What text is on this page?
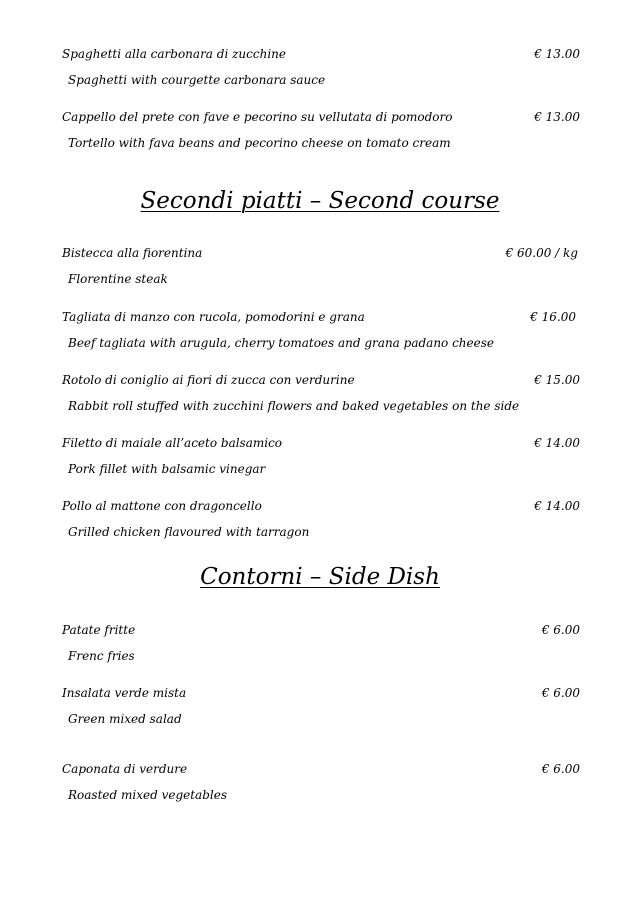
Spaghetti alla carbonara di zucchine
Spaghetti with courgette carbonara sauce
€ 13.00
Cappello del prete con fave e pecorino su vellutata di pomodoro
Tortello with fava beans and pecorino cheese on tomato cream
€ 13.00
Secondi piatti – Second course
Bistecca alla fiorentina
Florentine steak
€ 60.00 / kg
Tagliata di manzo con rucola, pomodorini e grana
Beef tagliata with arugula, cherry tomatoes and grana padano cheese
€ 16.00
Rotolo di coniglio ai fiori di zucca con verdurine
Rabbit roll stuffed with zucchini flowers and baked vegetables on the side
€ 15.00
Filetto di maiale all’aceto balsamico
Pork fillet with balsamic vinegar
€ 14.00
Pollo al mattone con dragoncello
Grilled chicken flavoured with tarragon
€ 14.00
Contorni – Side Dish
Patate fritte
Frenc fries
€ 6.00
Insalata verde mista
Green mixed salad
€ 6.00
Caponata di verdure
Roasted mixed vegetables
€ 6.00
